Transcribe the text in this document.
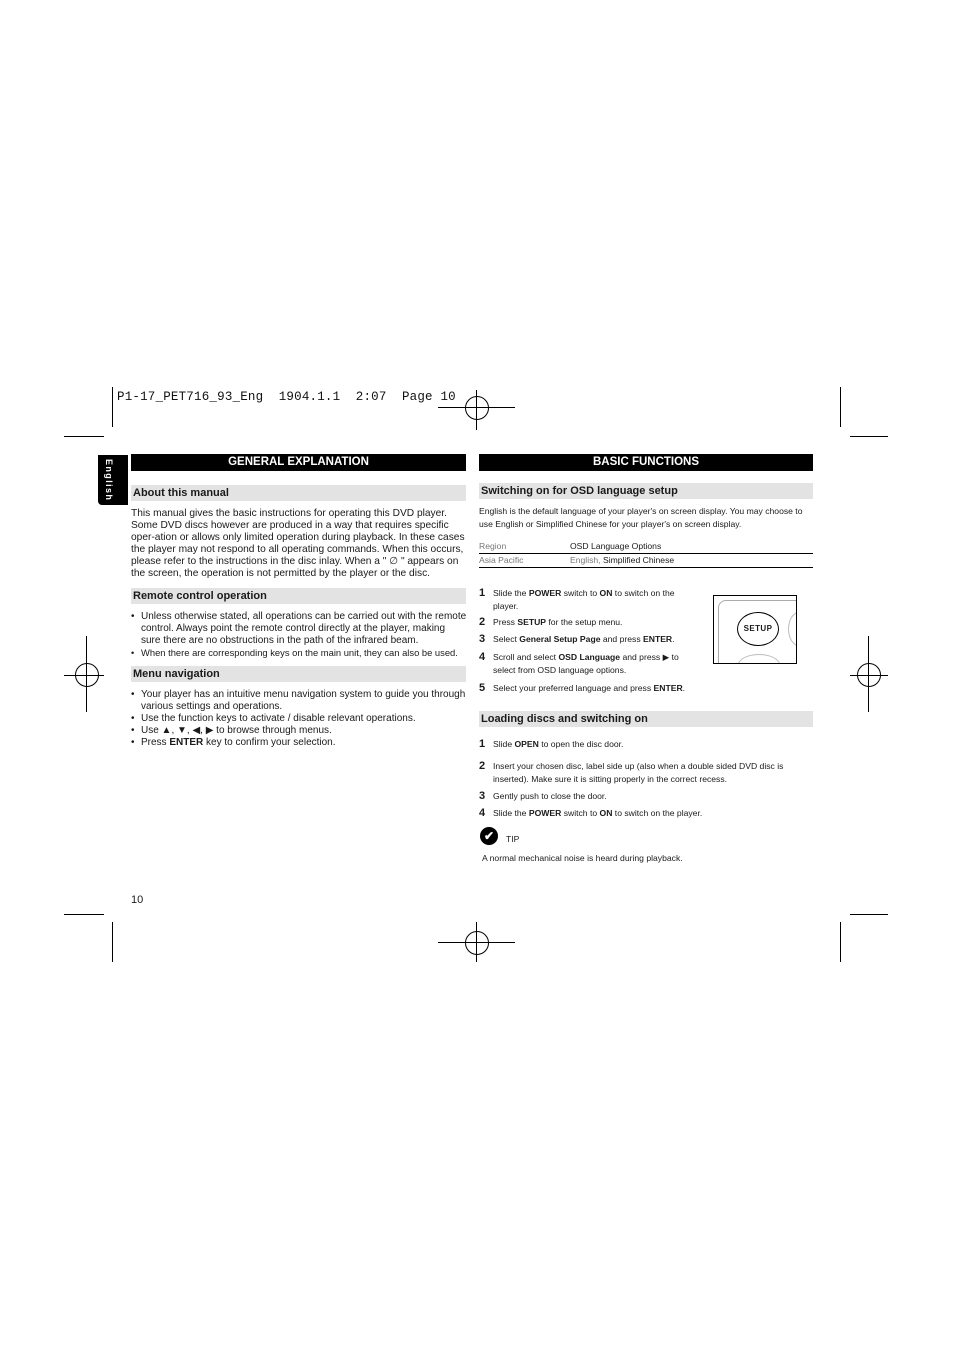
P1-17_PET716_93_Eng  1904.1.1  2:07  Page 10
English	GENERAL EXPLANATION
About this manual
This manual gives the basic instructions for operating this DVD player. Some DVD discs however are produced in a way that requires specific oper-ation or allows only limited operation during playback. In these cases the player may not respond to all operating commands. When this occurs, please refer to the instructions in the disc inlay. When a " ∅ " appears on the screen, the operation is not permitted by the player or the disc.
Remote control operation
• Unless otherwise stated, all operations can be carried out with the remote control. Always point the remote control directly at the player, making sure there are no obstructions in the path of the infrared beam.
• When there are corresponding keys on the main unit, they can also be used.
Menu navigation
• Your player has an intuitive menu navigation system to guide you through various settings and operations.
• Use the function keys to activate / disable relevant operations.
• Use ▲, ▼, ◀, ▶ to browse through menus.
• Press ENTER key to confirm your selection.
10
BASIC FUNCTIONS
Switching on for OSD language setup
English is the default language of your player's on screen display. You may choose to use English or Simplified Chinese for your player's on screen display.
Region	OSD Language Options
Asia Pacific	English, Simplified Chinese
SETUP
1 Slide the POWER switch to ON to switch on the player.
2 Press SETUP for the setup menu.
3 Select General Setup Page and press ENTER.
4 Scroll and select OSD Language and press ▶ to select from OSD language options.
5 Select your preferred language and press ENTER.
Loading discs and switching on
1 Slide OPEN to open the disc door.
2 Insert your chosen disc, label side up (also when a double sided DVD disc is inserted). Make sure it is sitting properly in the correct recess.
3 Gently push to close the door.
4 Slide the POWER switch to ON to switch on the player.
✔	TIP
A normal mechanical noise is heard during playback.
